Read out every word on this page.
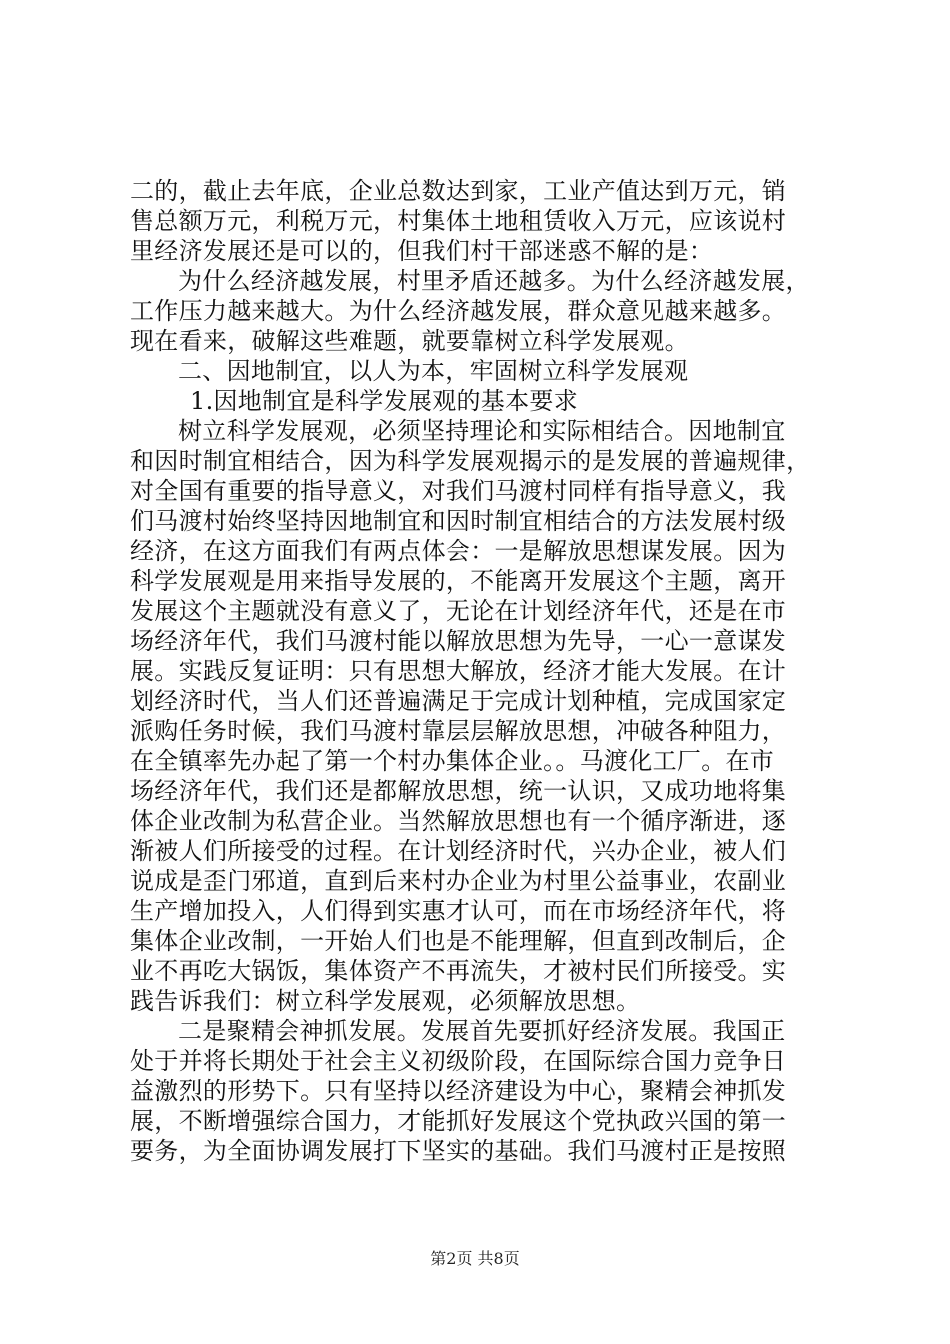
二的，截止去年底，企业总数达到家，工业产值达到万元，销
售总额万元，利税万元，村集体土地租赁收入万元，应该说村
里经济发展还是可以的，但我们村干部迷惑不解的是：
为什么经济越发展，村里矛盾还越多。为什么经济越发展，
工作压力越来越大。为什么经济越发展，群众意见越来越多。
现在看来，破解这些难题，就要靠树立科学发展观。
二、因地制宜，以人为本，牢固树立科学发展观
1.因地制宜是科学发展观的基本要求
树立科学发展观，必须坚持理论和实际相结合。因地制宜
和因时制宜相结合，因为科学发展观揭示的是发展的普遍规律，
对全国有重要的指导意义，对我们马渡村同样有指导意义，我
们马渡村始终坚持因地制宜和因时制宜相结合的方法发展村级
经济，在这方面我们有两点体会：一是解放思想谋发展。因为
科学发展观是用来指导发展的，不能离开发展这个主题，离开
发展这个主题就没有意义了，无论在计划经济年代，还是在市
场经济年代，我们马渡村能以解放思想为先导，一心一意谋发
展。实践反复证明：只有思想大解放，经济才能大发展。在计
划经济时代，当人们还普遍满足于完成计划种植，完成国家定
派购任务时候，我们马渡村靠层层解放思想，冲破各种阻力，
在全镇率先办起了第一个村办集体企业。。马渡化工厂。在市
场经济年代，我们还是都解放思想，统一认识，又成功地将集
体企业改制为私营企业。当然解放思想也有一个循序渐进，逐
渐被人们所接受的过程。在计划经济时代，兴办企业，被人们
说成是歪门邪道，直到后来村办企业为村里公益事业，农副业
生产增加投入，人们得到实惠才认可，而在市场经济年代，将
集体企业改制，一开始人们也是不能理解，但直到改制后，企
业不再吃大锅饭，集体资产不再流失，才被村民们所接受。实
践告诉我们：树立科学发展观，必须解放思想。
二是聚精会神抓发展。发展首先要抓好经济发展。我国正
处于并将长期处于社会主义初级阶段，在国际综合国力竞争日
益激烈的形势下。只有坚持以经济建设为中心，聚精会神抓发
展，不断增强综合国力，才能抓好发展这个党执政兴国的第一
要务，为全面协调发展打下坚实的基础。我们马渡村正是按照
第2页 共8页
